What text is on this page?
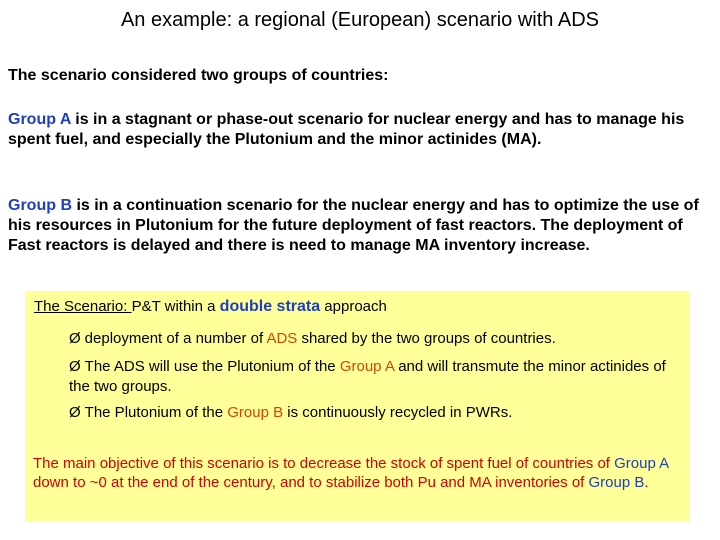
An example: a regional (European) scenario with ADS
The scenario considered two groups of countries:
Group A is in a stagnant or phase-out scenario for nuclear energy and has to manage his spent fuel, and especially the Plutonium and the minor actinides (MA).
Group B is in a continuation scenario for the nuclear energy and has to optimize the use of his resources in Plutonium for the future deployment of fast reactors. The deployment of Fast reactors is delayed and there is need to manage MA inventory increase.
The Scenario: P&T within a double strata approach
Ø deployment of a number of ADS shared by the two groups of countries.
Ø The ADS will use the Plutonium of the Group A and will transmute the minor actinides of the two groups.
Ø The Plutonium of the Group B is continuously recycled in PWRs.
The main objective of this scenario is to decrease the stock of spent fuel of countries of Group A down to ~0 at the end of the century, and to stabilize both Pu and MA inventories of Group B.
